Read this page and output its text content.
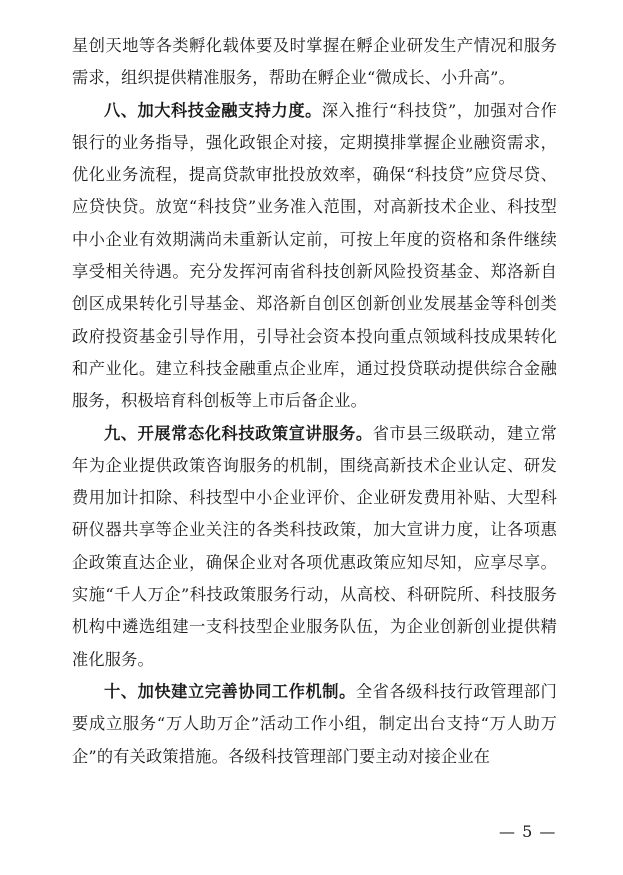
星创天地等各类孵化载体要及时掌握在孵企业研发生产情况和服务需求，组织提供精准服务，帮助在孵企业“微成长、小升高”。

八、加大科技金融支持力度。深入推行“科技贷”，加强对合作银行的业务指导，强化政银企对接，定期摸排掌握企业融资需求，优化业务流程，提高贷款审批投放效率，确保“科技贷”应贷尽贷、应贷快贷。放宽“科技贷”业务准入范围，对高新技术企业、科技型中小企业有效期满尚未重新认定前，可按上年度的资格和条件继续享受相关待遇。充分发挥河南省科技创新风险投资基金、郑洛新自创区成果转化引导基金、郑洛新自创区创新创业发展基金等科创类政府投资基金引导作用，引导社会资本投向重点领域科技成果转化和产业化。建立科技金融重点企业库，通过投贷联动提供综合金融服务，积极培育科创板等上市后备企业。

九、开展常态化科技政策宣讲服务。省市县三级联动，建立常年为企业提供政策咨询服务的机制，围绕高新技术企业认定、研发费用加计扣除、科技型中小企业评价、企业研发费用补贴、大型科研仪器共享等企业关注的各类科技政策，加大宣讲力度，让各项惠企政策直达企业，确保企业对各项优惠政策应知尽知，应享尽享。实施“千人万企”科技政策服务行动，从高校、科研院所、科技服务机构中遴选组建一支科技型企业服务队伍，为企业创新创业提供精准化服务。

十、加快建立完善协同工作机制。全省各级科技行政管理部门要成立服务“万人助万企”活动工作小组，制定出台支持“万人助万企”的有关政策措施。各级科技管理部门要主动对接企业在

— 5 —
